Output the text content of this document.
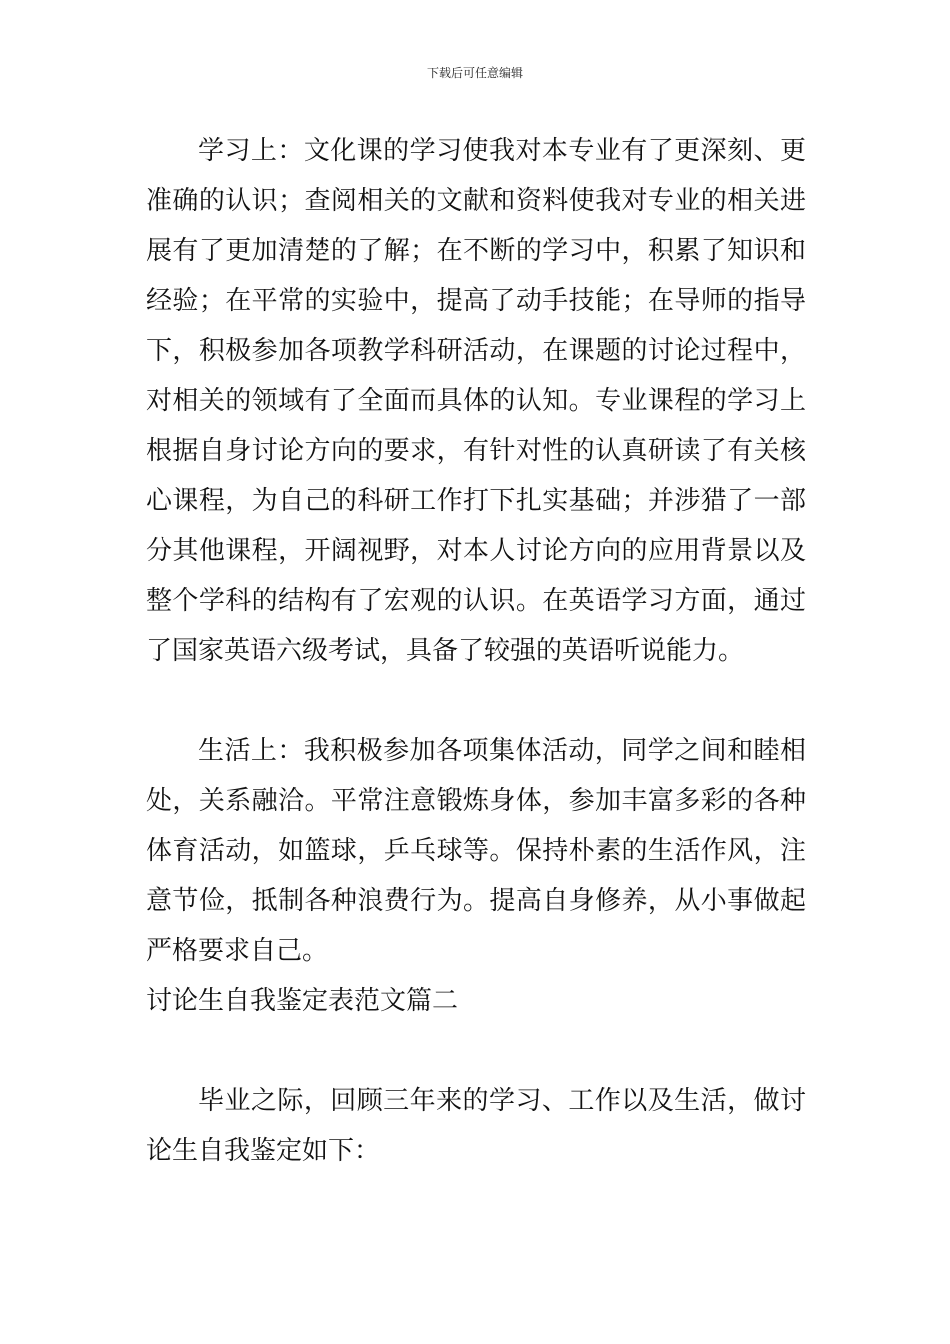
下载后可任意编辑

学习上：文化课的学习使我对本专业有了更深刻、更准确的认识；查阅相关的文献和资料使我对专业的相关进展有了更加清楚的了解；在不断的学习中，积累了知识和经验；在平常的实验中，提高了动手技能；在导师的指导下，积极参加各项教学科研活动，在课题的讨论过程中，对相关的领域有了全面而具体的认知。专业课程的学习上根据自身讨论方向的要求，有针对性的认真研读了有关核心课程，为自己的科研工作打下扎实基础；并涉猎了一部分其他课程，开阔视野，对本人讨论方向的应用背景以及整个学科的结构有了宏观的认识。在英语学习方面，通过了国家英语六级考试，具备了较强的英语听说能力。

生活上：我积极参加各项集体活动，同学之间和睦相处，关系融洽。平常注意锻炼身体，参加丰富多彩的各种体育活动，如篮球，乒乓球等。保持朴素的生活作风，注意节俭，抵制各种浪费行为。提高自身修养，从小事做起严格要求自己。

讨论生自我鉴定表范文篇二

毕业之际，回顾三年来的学习、工作以及生活，做讨论生自我鉴定如下：
